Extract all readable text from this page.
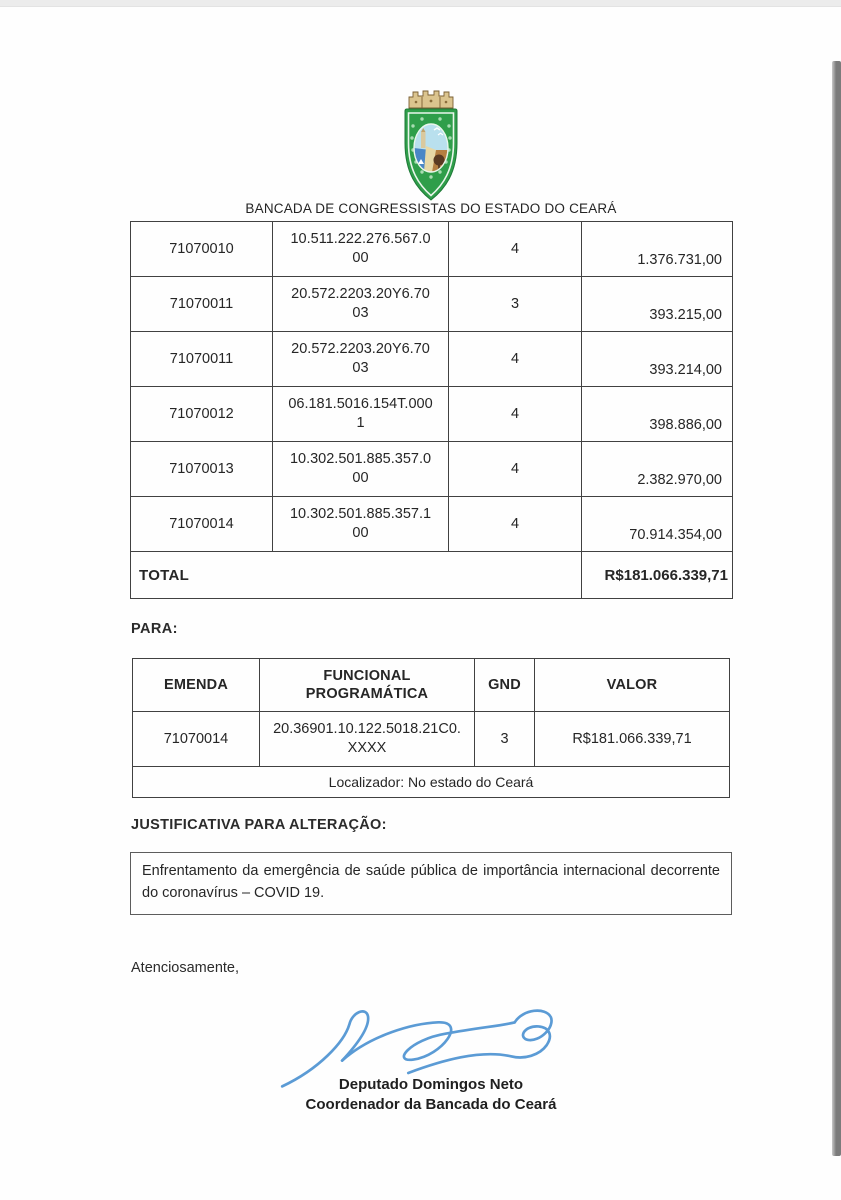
BANCADA DE CONGRESSISTAS DO ESTADO DO CEARÁ
71070010	10.511.222.276.567.000	4	1.376.731,00
71070011	20.572.2203.20Y6.7003	3	393.215,00
71070011	20.572.2203.20Y6.7003	4	393.214,00
71070012	06.181.5016.154T.0001	4	398.886,00
71070013	10.302.501.885.357.000	4	2.382.970,00
71070014	10.302.501.885.357.100	4	70.914.354,00
TOTAL			R$181.066.339,71
PARA:
EMENDA	FUNCIONAL PROGRAMÁTICA	GND	VALOR
71070014	20.36901.10.122.5018.21C0.XXXX	3	R$181.066.339,71
Localizador: No estado do Ceará			
JUSTIFICATIVA PARA ALTERAÇÃO:
Enfrentamento da emergência de saúde pública de importância internacional decorrente do coronavírus – COVID 19.
Atenciosamente,
Deputado Domingos Neto
Coordenador da Bancada do Ceará
